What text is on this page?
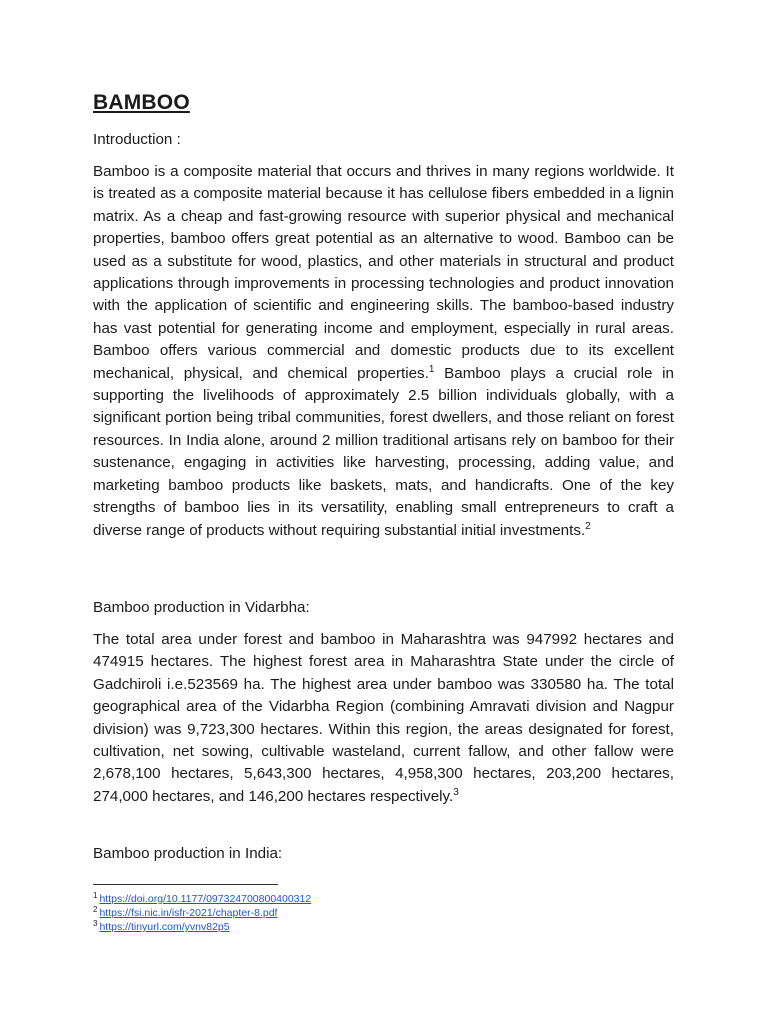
BAMBOO

Introduction :

Bamboo is a composite material that occurs and thrives in many regions worldwide. It is treated as a composite material because it has cellulose fibers embedded in a lignin matrix. As a cheap and fast-growing resource with superior physical and mechanical properties, bamboo offers great potential as an alternative to wood. Bamboo can be used as a substitute for wood, plastics, and other materials in structural and product applications through improvements in processing technologies and product innovation with the application of scientific and engineering skills. The bamboo-based industry has vast potential for generating income and employment, especially in rural areas. Bamboo offers various commercial and domestic products due to its excellent mechanical, physical, and chemical properties.$^1$ Bamboo plays a crucial role in supporting the livelihoods of approximately 2.5 billion individuals globally, with a significant portion being tribal communities, forest dwellers, and those reliant on forest resources. In India alone, around 2 million traditional artisans rely on bamboo for their sustenance, engaging in activities like harvesting, processing, adding value, and marketing bamboo products like baskets, mats, and handicrafts. One of the key strengths of bamboo lies in its versatility, enabling small entrepreneurs to craft a diverse range of products without requiring substantial initial investments.$^2$

Bamboo production in Vidarbha:

The total area under forest and bamboo in Maharashtra was 947992 hectares and 474915 hectares. The highest forest area in Maharashtra State under the circle of Gadchiroli i.e.523569 ha. The highest area under bamboo was 330580 ha. The total geographical area of the Vidarbha Region (combining Amravati division and Nagpur division) was 9,723,300 hectares. Within this region, the areas designated for forest, cultivation, net sowing, cultivable wasteland, current fallow, and other fallow were 2,678,100 hectares, 5,643,300 hectares, 4,958,300 hectares, 203,200 hectares, 274,000 hectares, and 146,200 hectares respectively.$^3$

Bamboo production in India:

$^1$ https://doi.org/10.1177/097324700800400312
$^2$ https://fsi.nic.in/isfr-2021/chapter-8.pdf
$^3$ https://tinyurl.com/yvnv82p5
